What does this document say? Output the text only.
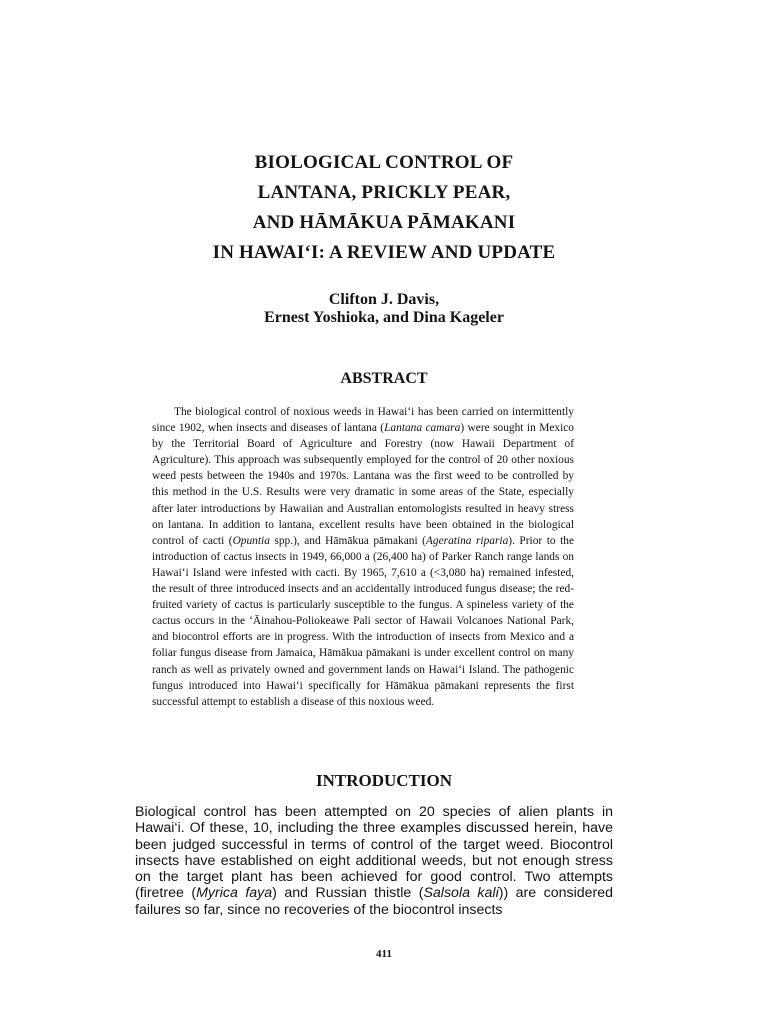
BIOLOGICAL CONTROL OF
LANTANA, PRICKLY PEAR,
AND HĀMĀKUA PĀMAKANI
IN HAWAI‘I: A REVIEW AND UPDATE
Clifton J. Davis,
Ernest Yoshioka, and Dina Kageler
ABSTRACT
The biological control of noxious weeds in Hawai‘i has been carried on intermittently since 1902, when insects and diseases of lantana (Lantana camara) were sought in Mexico by the Territorial Board of Agriculture and Forestry (now Hawaii Department of Agriculture). This approach was subsequently employed for the control of 20 other noxious weed pests between the 1940s and 1970s. Lantana was the first weed to be controlled by this method in the U.S. Results were very dramatic in some areas of the State, especially after later introductions by Hawaiian and Australian entomologists resulted in heavy stress on lantana. In addition to lantana, excellent results have been obtained in the biological control of cacti (Opuntia spp.), and Hāmākua pāmakani (Ageratina riparia). Prior to the introduction of cactus insects in 1949, 66,000 a (26,400 ha) of Parker Ranch range lands on Hawai‘i Island were infested with cacti. By 1965, 7,610 a (<3,080 ha) remained infested, the result of three introduced insects and an accidentally introduced fungus disease; the red-fruited variety of cactus is particularly susceptible to the fungus. A spineless variety of the cactus occurs in the ‘Āinahou-Poliokeawe Pali sector of Hawaii Volcanoes National Park, and biocontrol efforts are in progress. With the introduction of insects from Mexico and a foliar fungus disease from Jamaica, Hāmākua pāmakani is under excellent control on many ranch as well as privately owned and government lands on Hawai‘i Island. The pathogenic fungus introduced into Hawai‘i specifically for Hāmākua pāmakani represents the first successful attempt to establish a disease of this noxious weed.
INTRODUCTION
Biological control has been attempted on 20 species of alien plants in Hawai‘i. Of these, 10, including the three examples discussed herein, have been judged successful in terms of control of the target weed. Biocontrol insects have established on eight additional weeds, but not enough stress on the target plant has been achieved for good control. Two attempts (firetree (Myrica faya) and Russian thistle (Salsola kali)) are considered failures so far, since no recoveries of the biocontrol insects
411
